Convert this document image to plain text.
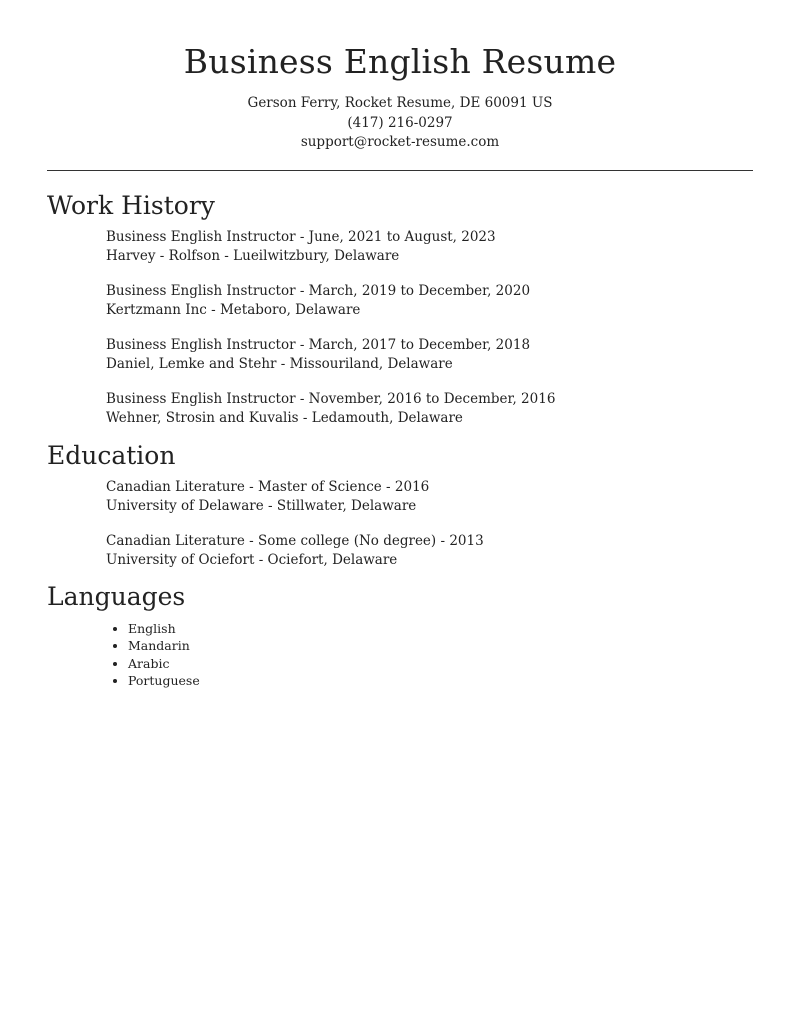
Business English Resume
Gerson Ferry, Rocket Resume, DE 60091 US
(417) 216-0297
support@rocket-resume.com
Work History
Business English Instructor - June, 2021 to August, 2023
Harvey - Rolfson - Lueilwitzbury, Delaware
Business English Instructor - March, 2019 to December, 2020
Kertzmann Inc - Metaboro, Delaware
Business English Instructor - March, 2017 to December, 2018
Daniel, Lemke and Stehr - Missouriland, Delaware
Business English Instructor - November, 2016 to December, 2016
Wehner, Strosin and Kuvalis - Ledamouth, Delaware
Education
Canadian Literature - Master of Science - 2016
University of Delaware - Stillwater, Delaware
Canadian Literature - Some college (No degree) - 2013
University of Ociefort - Ociefort, Delaware
Languages
• English
• Mandarin
• Arabic
• Portuguese
